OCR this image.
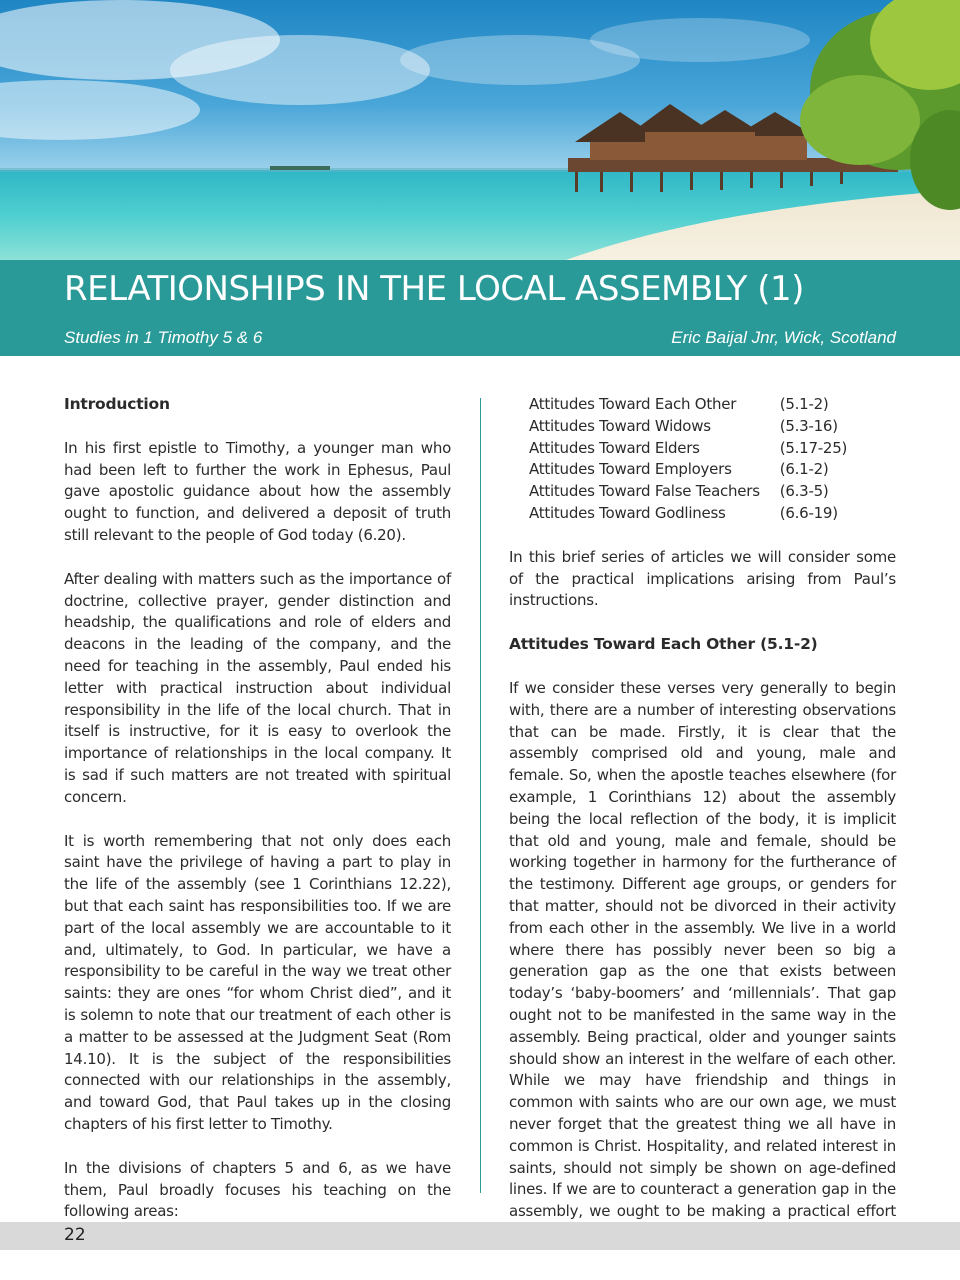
RELATIONSHIPS IN THE LOCAL ASSEMBLY (1)
Studies in 1 Timothy 5 & 6	Eric Baijal Jnr, Wick, Scotland
Introduction

In his first epistle to Timothy, a younger man who had been left to further the work in Ephesus, Paul gave apostolic guidance about how the assembly ought to function, and delivered a deposit of truth still relevant to the people of God today (6.20).

After dealing with matters such as the importance of doctrine, collective prayer, gender distinction and headship, the qualifications and role of elders and deacons in the leading of the company, and the need for teaching in the assembly, Paul ended his letter with practical instruction about individual responsibility in the life of the local church. That in itself is instructive, for it is easy to overlook the importance of relationships in the local company. It is sad if such matters are not treated with spiritual concern.

It is worth remembering that not only does each saint have the privilege of having a part to play in the life of the assembly (see 1 Corinthians 12.22), but that each saint has responsibilities too. If we are part of the local assembly we are accountable to it and, ultimately, to God. In particular, we have a responsibility to be careful in the way we treat other saints: they are ones “for whom Christ died”, and it is solemn to note that our treatment of each other is a matter to be assessed at the Judgment Seat (Rom 14.10). It is the subject of the responsibilities connected with our relationships in the assembly, and toward God, that Paul takes up in the closing chapters of his first letter to Timothy.

In the divisions of chapters 5 and 6, as we have them, Paul broadly focuses his teaching on the following areas:

Attitudes Toward Each Other	(5.1-2)
Attitudes Toward Widows	(5.3-16)
Attitudes Toward Elders	(5.17-25)
Attitudes Toward Employers	(6.1-2)
Attitudes Toward False Teachers	(6.3-5)
Attitudes Toward Godliness	(6.6-19)

In this brief series of articles we will consider some of the practical implications arising from Paul’s instructions.

Attitudes Toward Each Other (5.1-2)

If we consider these verses very generally to begin with, there are a number of interesting observations that can be made. Firstly, it is clear that the assembly comprised old and young, male and female. So, when the apostle teaches elsewhere (for example, 1 Corinthians 12) about the assembly being the local reflection of the body, it is implicit that old and young, male and female, should be working together in harmony for the furtherance of the testimony. Different age groups, or genders for that matter, should not be divorced in their activity from each other in the assembly. We live in a world where there has possibly never been so big a generation gap as the one that exists between today’s ‘baby-boomers’ and ‘millennials’. That gap ought not to be manifested in the same way in the assembly. Being practical, older and younger saints should show an interest in the welfare of each other. While we may have friendship and things in common with saints who are our own age, we must never forget that the greatest thing we all have in common is Christ. Hospitality, and related interest in saints, should not simply be shown on age-defined lines. If we are to counteract a generation gap in the assembly, we ought to be making a practical effort

22
